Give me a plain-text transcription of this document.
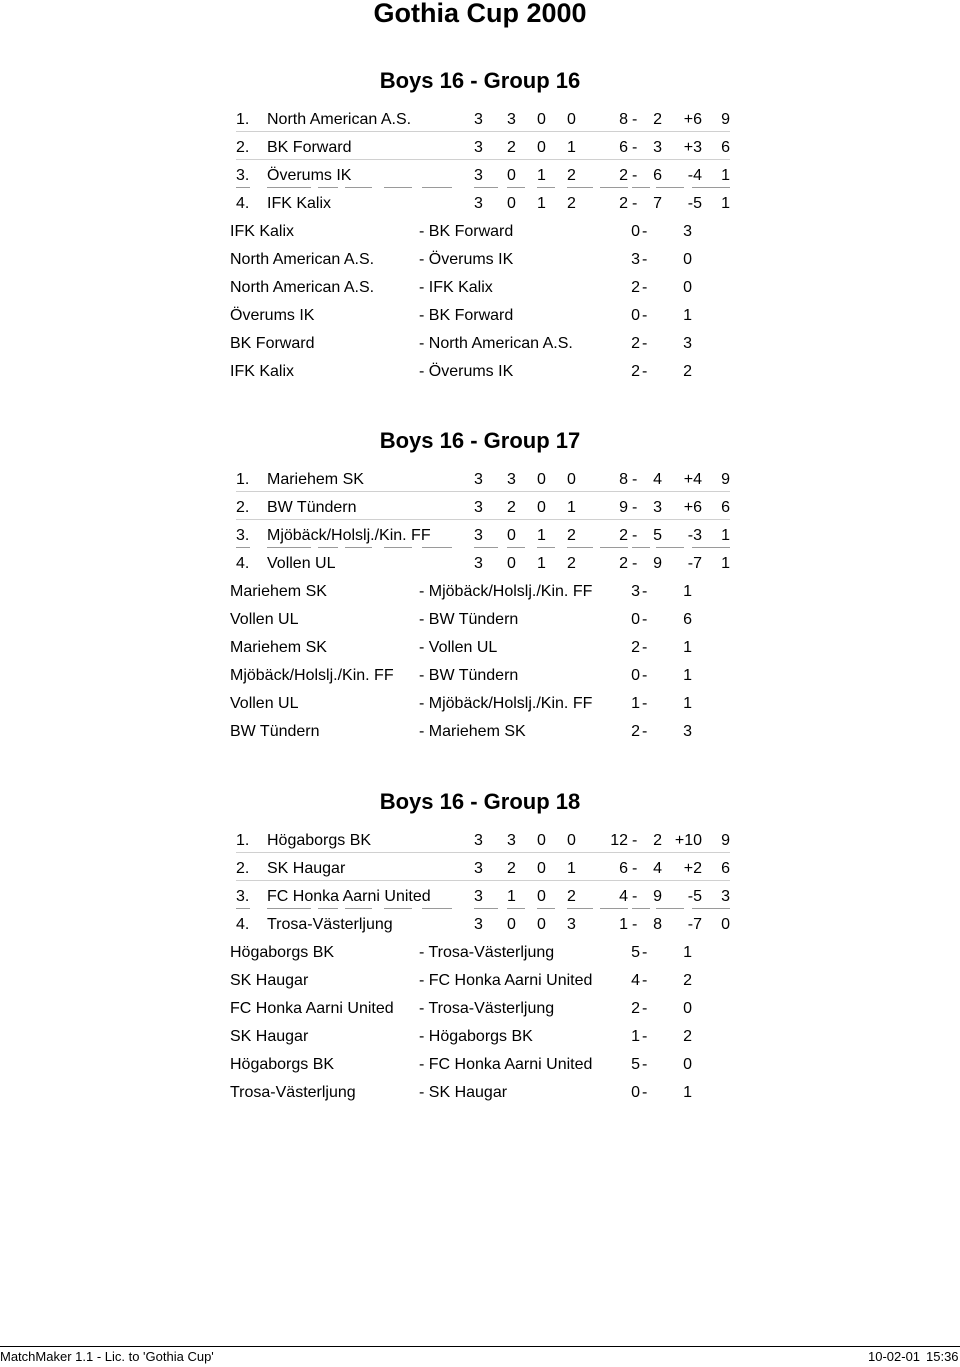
Gothia Cup 2000
Boys 16 - Group 16
1. North American A.S.	3 3 0 0	8 - 2	+6	9
2. BK Forward	3 2 0 1	6 - 3	+3	6
3. Överums IK	3 0 1 2	2 - 6	-4	1
4. IFK Kalix	3 0 1 2	2 - 7	-5	1
IFK Kalix	- BK Forward	0 -	3
North American A.S.	- Överums IK	3 -	0
North American A.S.	- IFK Kalix	2 -	0
Överums IK	- BK Forward	0 -	1
BK Forward	- North American A.S.	2 -	3
IFK Kalix	- Överums IK	2 -	2
Boys 16 - Group 17
1. Mariehem SK	3 3 0 0	8 - 4	+4	9
2. BW Tündern	3 2 0 1	9 - 3	+6	6
3. Mjöbäck/Holslj./Kin. FF	3 0 1 2	2 - 5	-3	1
4. Vollen UL	3 0 1 2	2 - 9	-7	1
Mariehem SK	- Mjöbäck/Holslj./Kin. FF	3 -	1
Vollen UL	- BW Tündern	0 -	6
Mariehem SK	- Vollen UL	2 -	1
Mjöbäck/Holslj./Kin. FF - BW Tündern	0 -	1
Vollen UL	- Mjöbäck/Holslj./Kin. FF	1 -	1
BW Tündern	- Mariehem SK	2 -	3
Boys 16 - Group 18
1. Högaborgs BK	3 3 0 0	12 - 2 +10	9
2. SK Haugar	3 2 0 1	6 - 4	+2	6
3. FC Honka Aarni United	3 1 0 2	4 - 9	-5	3
4. Trosa-Västerljung	3 0 0 3	1 - 8	-7	0
Högaborgs BK	- Trosa-Västerljung	5 -	1
SK Haugar	- FC Honka Aarni United	4 -	2
FC Honka Aarni United - Trosa-Västerljung	2 -	0
SK Haugar	- Högaborgs BK	1 -	2
Högaborgs BK	- FC Honka Aarni United	5 -	0
Trosa-Västerljung	- SK Haugar	0 -	1
MatchMaker 1.1 - Lic. to 'Gothia Cup'	10-02-01 15:36
